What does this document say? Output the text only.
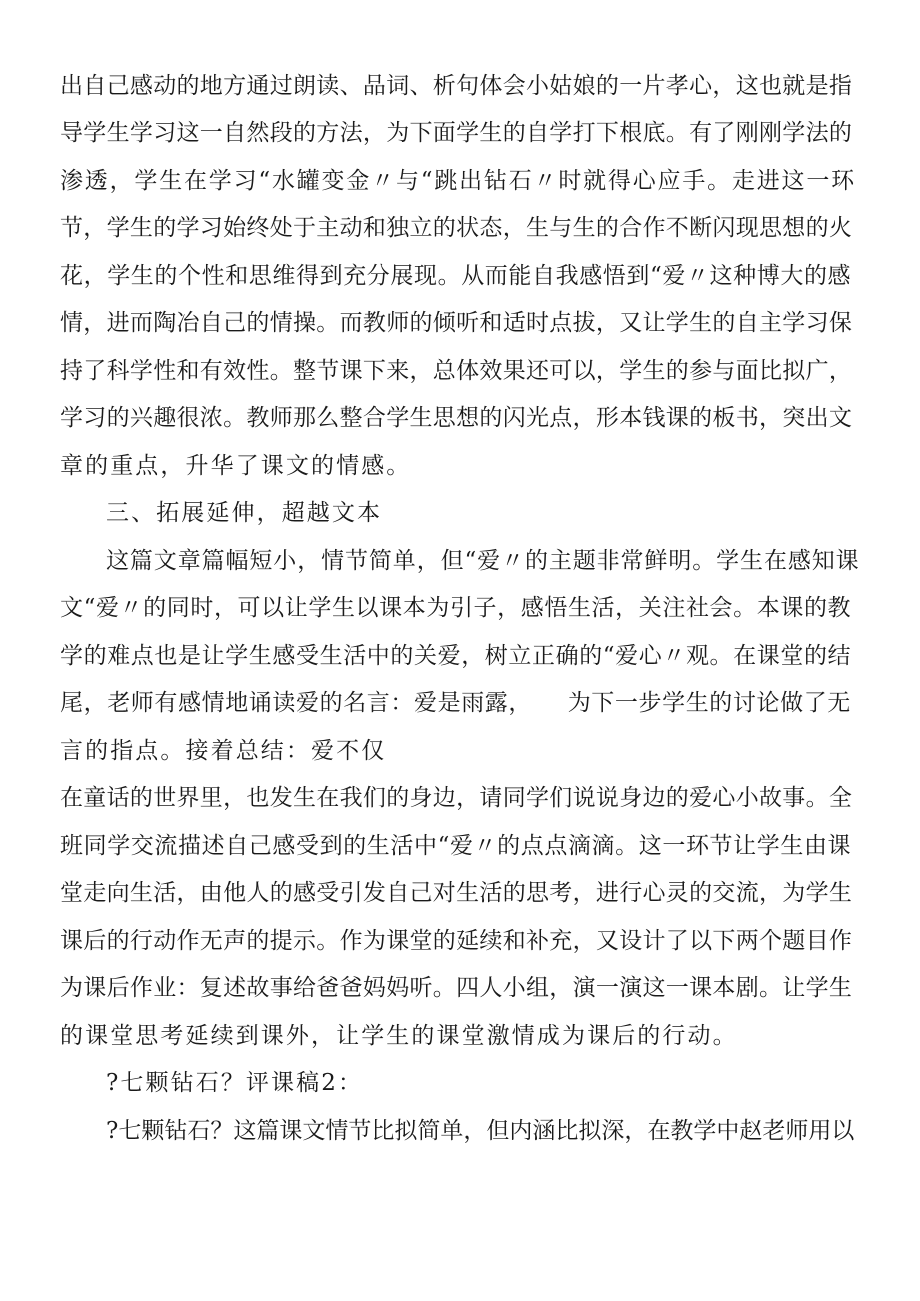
出自己感动的地方通过朗读、品词、析句体会小姑娘的一片孝心，这也就是指
导学生学习这一自然段的方法，为下面学生的自学打下根底。有了刚刚学法的
渗透，学生在学习“水罐变金〃与“跳出钻石〃时就得心应手。走进这一环
节，学生的学习始终处于主动和独立的状态，生与生的合作不断闪现思想的火
花，学生的个性和思维得到充分展现。从而能自我感悟到“爱〃这种博大的感
情，进而陶冶自己的情操。而教师的倾听和适时点拔，又让学生的自主学习保
持了科学性和有效性。整节课下来，总体效果还可以，学生的参与面比拟广，
学习的兴趣很浓。教师那么整合学生思想的闪光点，形本钱课的板书，突出文
章的重点，升华了课文的情感。
三、拓展延伸，超越文本
这篇文章篇幅短小，情节简单，但“爱〃的主题非常鲜明。学生在感知课
文“爱〃的同时，可以让学生以课本为引子，感悟生活，关注社会。本课的教
学的难点也是让学生感受生活中的关爱，树立正确的“爱心〃观。在课堂的结
尾，老师有感情地诵读爱的名言：爱是雨露，　　为下一步学生的讨论做了无
言的指点。接着总结：爱不仅
在童话的世界里，也发生在我们的身边，请同学们说说身边的爱心小故事。全
班同学交流描述自己感受到的生活中“爱〃的点点滴滴。这一环节让学生由课
堂走向生活，由他人的感受引发自己对生活的思考，进行心灵的交流，为学生
课后的行动作无声的提示。作为课堂的延续和补充，又设计了以下两个题目作
为课后作业：复述故事给爸爸妈妈听。四人小组，演一演这一课本剧。让学生
的课堂思考延续到课外，让学生的课堂激情成为课后的行动。
?七颗钻石？评课稿2：
?七颗钻石？这篇课文情节比拟简单，但内涵比拟深，在教学中赵老师用以
